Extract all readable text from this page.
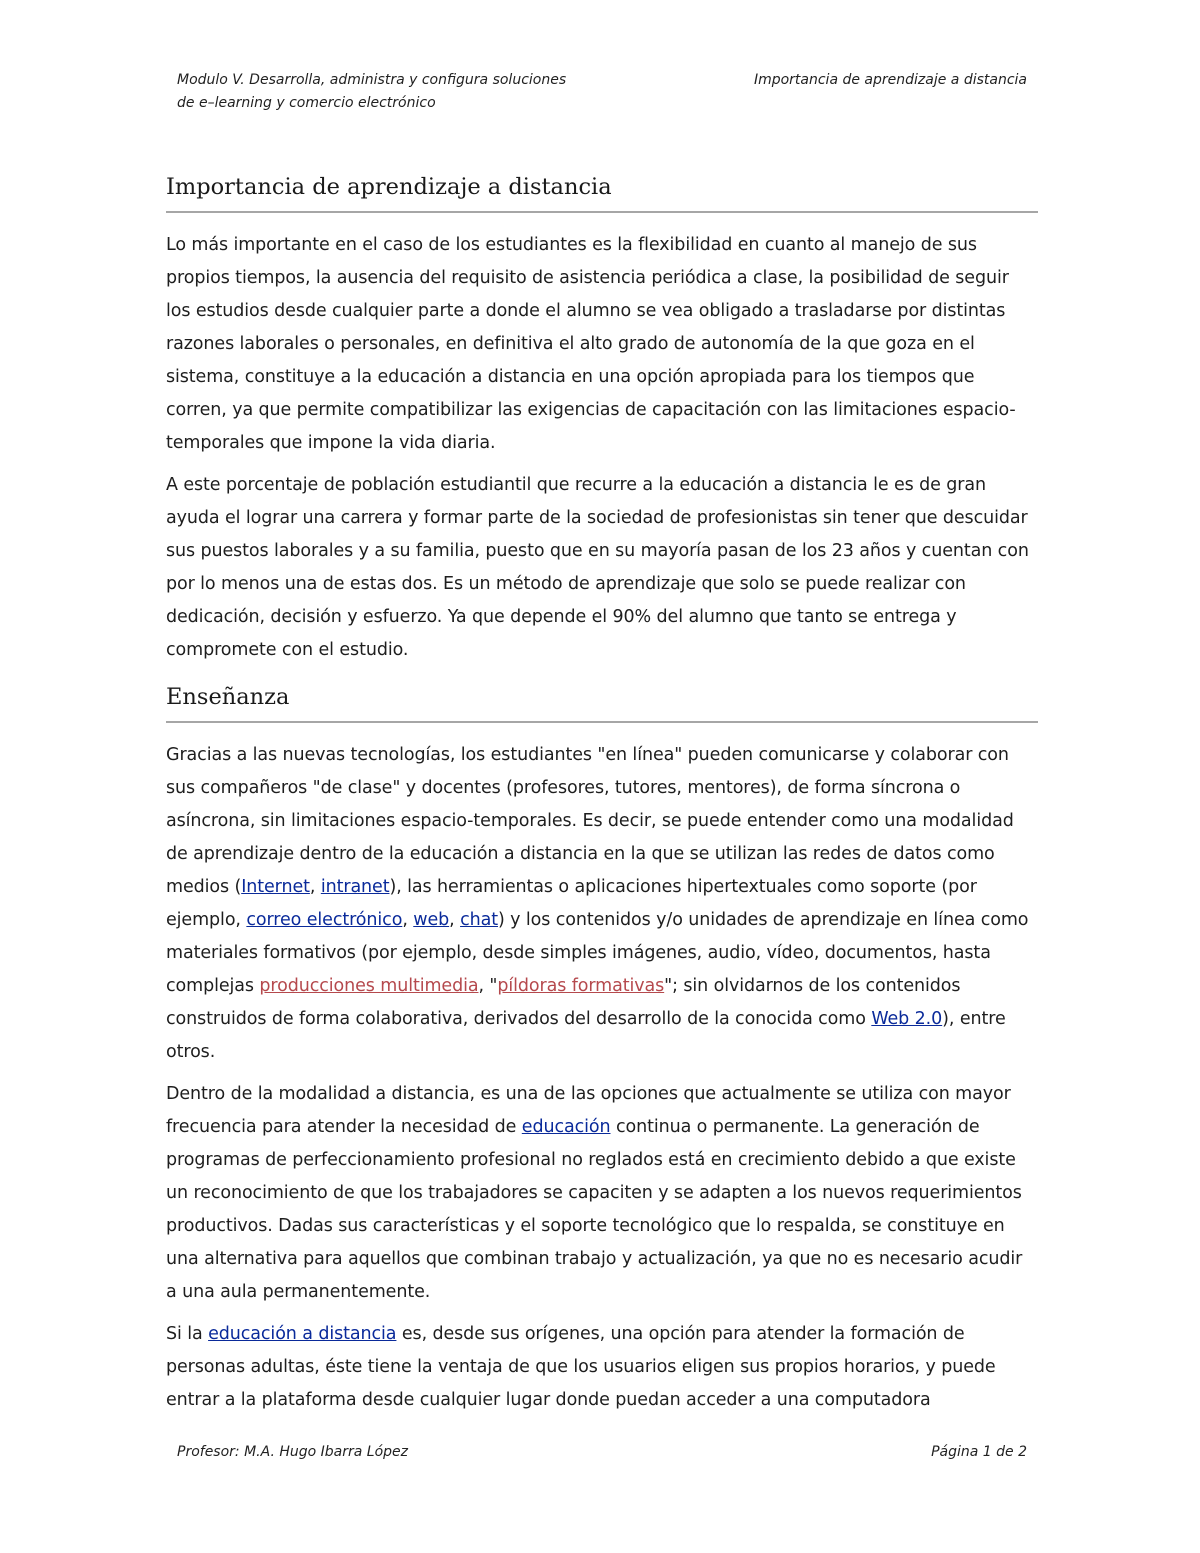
Modulo V. Desarrolla, administra y configura soluciones
de e–learning y comercio electrónico
Importancia de aprendizaje a distancia
Importancia de aprendizaje a distancia

Lo más importante en el caso de los estudiantes es la flexibilidad en cuanto al manejo de sus propios tiempos, la ausencia del requisito de asistencia periódica a clase, la posibilidad de seguir los estudios desde cualquier parte a donde el alumno se vea obligado a trasladarse por distintas razones laborales o personales, en definitiva el alto grado de autonomía de la que goza en el sistema, constituye a la educación a distancia en una opción apropiada para los tiempos que corren, ya que permite compatibilizar las exigencias de capacitación con las limitaciones espacio-temporales que impone la vida diaria.

A este porcentaje de población estudiantil que recurre a la educación a distancia le es de gran ayuda el lograr una carrera y formar parte de la sociedad de profesionistas sin tener que descuidar sus puestos laborales y a su familia, puesto que en su mayoría pasan de los 23 años y cuentan con por lo menos una de estas dos. Es un método de aprendizaje que solo se puede realizar con dedicación, decisión y esfuerzo. Ya que depende el 90% del alumno que tanto se entrega y compromete con el estudio.

Enseñanza

Gracias a las nuevas tecnologías, los estudiantes "en línea" pueden comunicarse y colaborar con sus compañeros "de clase" y docentes (profesores, tutores, mentores), de forma síncrona o asíncrona, sin limitaciones espacio-temporales. Es decir, se puede entender como una modalidad de aprendizaje dentro de la educación a distancia en la que se utilizan las redes de datos como medios (Internet, intranet), las herramientas o aplicaciones hipertextuales como soporte (por ejemplo, correo electrónico, web, chat) y los contenidos y/o unidades de aprendizaje en línea como materiales formativos (por ejemplo, desde simples imágenes, audio, vídeo, documentos, hasta complejas producciones multimedia, "píldoras formativas"; sin olvidarnos de los contenidos construidos de forma colaborativa, derivados del desarrollo de la conocida como Web 2.0), entre otros.

Dentro de la modalidad a distancia, es una de las opciones que actualmente se utiliza con mayor frecuencia para atender la necesidad de educación continua o permanente. La generación de programas de perfeccionamiento profesional no reglados está en crecimiento debido a que existe un reconocimiento de que los trabajadores se capaciten y se adapten a los nuevos requerimientos productivos. Dadas sus características y el soporte tecnológico que lo respalda, se constituye en una alternativa para aquellos que combinan trabajo y actualización, ya que no es necesario acudir a una aula permanentemente.

Si la educación a distancia es, desde sus orígenes, una opción para atender la formación de personas adultas, éste tiene la ventaja de que los usuarios eligen sus propios horarios, y puede entrar a la plataforma desde cualquier lugar donde puedan acceder a una computadora

Profesor: M.A. Hugo Ibarra López	Página 1 de 2
